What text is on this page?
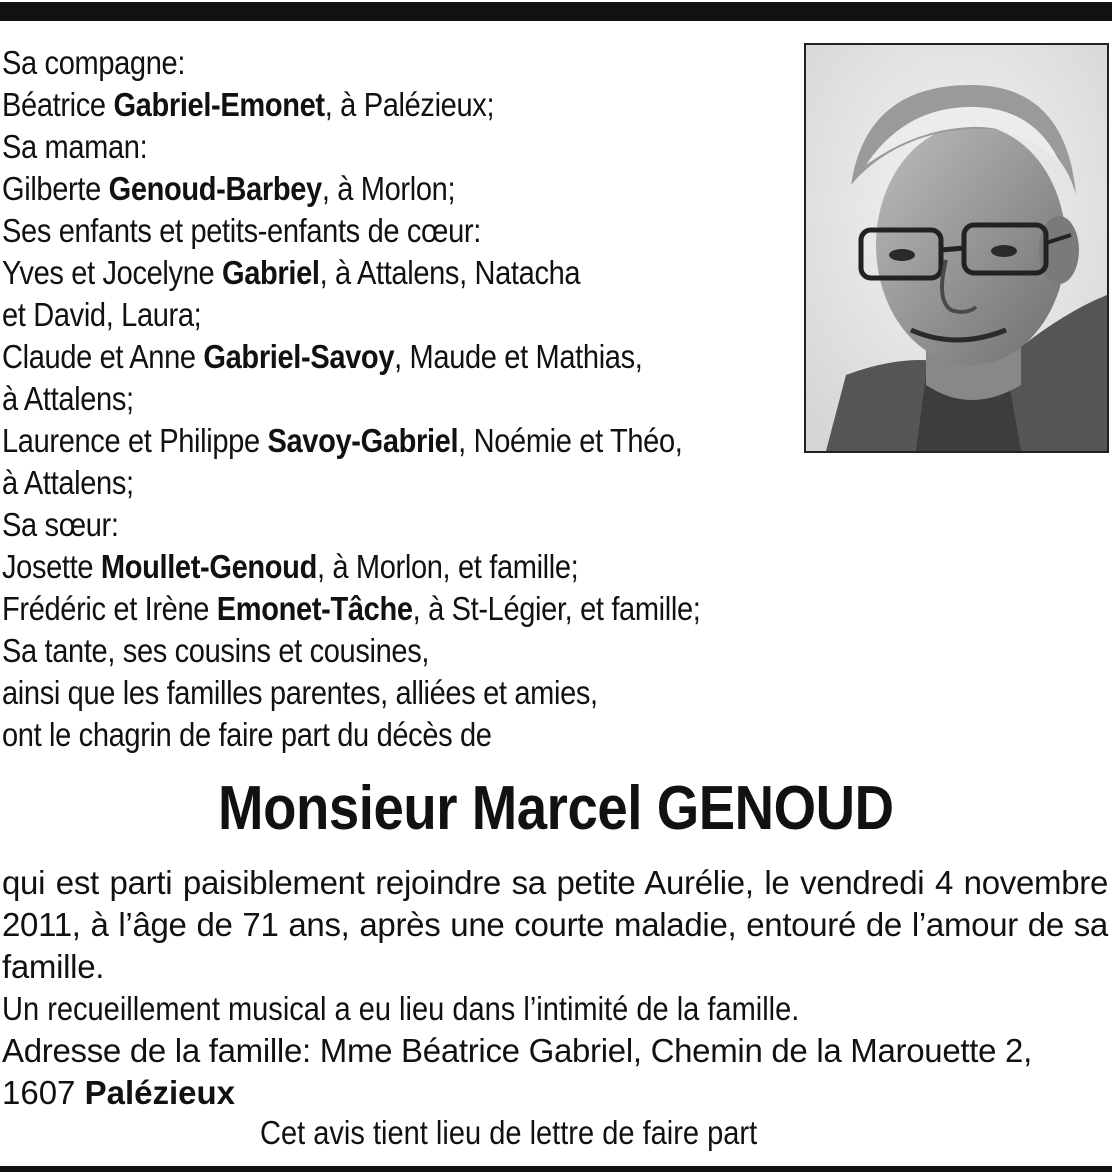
Sa compagne:
Béatrice Gabriel-Emonet, à Palézieux;
Sa maman:
Gilberte Genoud-Barbey, à Morlon;
Ses enfants et petits-enfants de cœur:
Yves et Jocelyne Gabriel, à Attalens, Natacha
et David, Laura;
Claude et Anne Gabriel-Savoy, Maude et Mathias,
à Attalens;
Laurence et Philippe Savoy-Gabriel, Noémie et Théo,
à Attalens;
Sa sœur:
Josette Moullet-Genoud, à Morlon, et famille;
Frédéric et Irène Emonet-Tâche, à St-Légier, et famille;
Sa tante, ses cousins et cousines,
ainsi que les familles parentes, alliées et amies,
ont le chagrin de faire part du décès de
Monsieur Marcel GENOUD

qui est parti paisiblement rejoindre sa petite Aurélie, le vendredi 4 novembre 2011, à l’âge de 71 ans, après une courte maladie, entouré de l’amour de sa famille.

Un recueillement musical a eu lieu dans l’intimité de la famille.

Adresse de la famille: Mme Béatrice Gabriel, Chemin de la Marouette 2,

1607 Palézieux

Cet avis tient lieu de lettre de faire part
